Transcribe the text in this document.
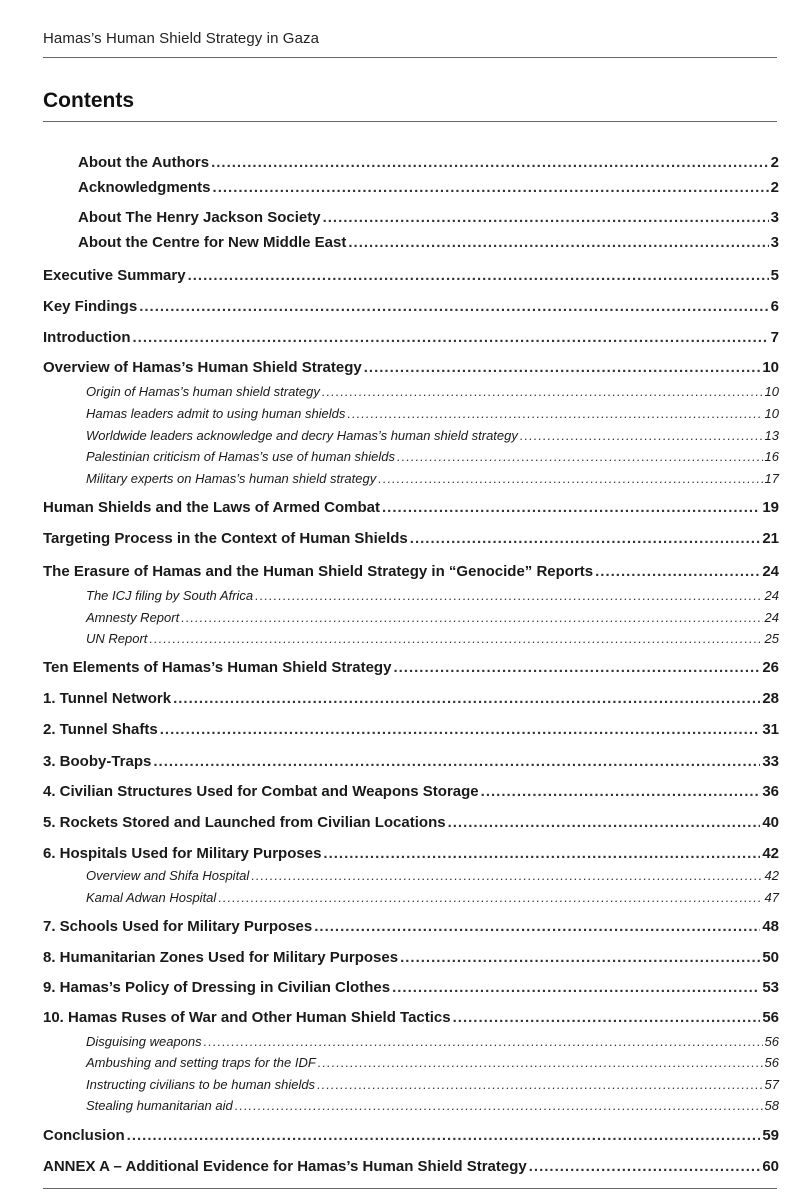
Hamas’s Human Shield Strategy in Gaza
Contents
About the Authors .....	2
Acknowledgments .....	2
About The Henry Jackson Society .....	3
About the Centre for New Middle East .....	3
Executive Summary .....	5
Key Findings .....	6
Introduction .....	7
Overview of Hamas’s Human Shield Strategy .....	10
Origin of Hamas’s human shield strategy .....	10
Hamas leaders admit to using human shields .....	10
Worldwide leaders acknowledge and decry Hamas’s human shield strategy .....	13
Palestinian criticism of Hamas’s use of human shields .....	16
Military experts on Hamas’s human shield strategy .....	17
Human Shields and the Laws of Armed Combat .....	19
Targeting Process in the Context of Human Shields .....	21
The Erasure of Hamas and the Human Shield Strategy in “Genocide” Reports .....	24
The ICJ filing by South Africa .....	24
Amnesty Report .....	24
UN Report .....	25
Ten Elements of Hamas’s Human Shield Strategy .....	26
1. Tunnel Network .....	28
2. Tunnel Shafts .....	31
3. Booby-Traps .....	33
4. Civilian Structures Used for Combat and Weapons Storage .....	36
5. Rockets Stored and Launched from Civilian Locations .....	40
6. Hospitals Used for Military Purposes .....	42
Overview and Shifa Hospital .....	42
Kamal Adwan Hospital .....	47
7. Schools Used for Military Purposes .....	48
8. Humanitarian Zones Used for Military Purposes .....	50
9. Hamas’s Policy of Dressing in Civilian Clothes .....	53
10. Hamas Ruses of War and Other Human Shield Tactics .....	56
Disguising weapons .....	56
Ambushing and setting traps for the IDF .....	56
Instructing civilians to be human shields .....	57
Stealing humanitarian aid .....	58
Conclusion .....	59
ANNEX A – Additional Evidence for Hamas’s Human Shield Strategy .....	60
